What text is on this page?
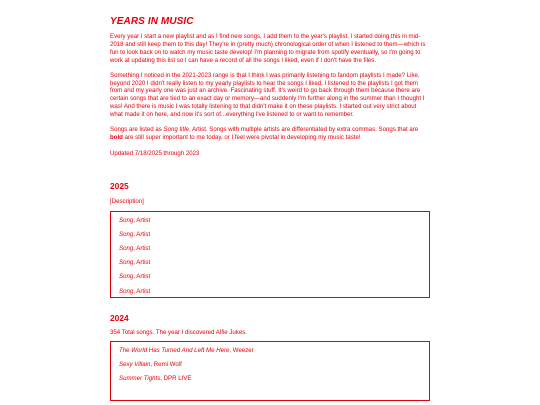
YEARS IN MUSIC

Every year I start a new playlist and as I find new songs, I add them to the year's playlist. I started doing this in mid-2018 and still keep them to this day! They're in (pretty much) chronological order of when I listened to them—which is fun to look back on to watch my music taste develop! I'm planning to migrate from spotify eventually, so I'm going to work at updating this list so I can have a record of all the songs I liked, even if I don't have the files.

Something I noticed in the 2021-2023 range is that I think I was primarily listening to fandom playlists I made? Like, beyond 2020 I didn't really listen to my yearly playlists to hear the songs I liked. I listened to the playlists I got them from and my yearly one was just an archive. Fascinating stuff. It's weird to go back through them because there are certain songs that are tied to an exact day or memory—and suddenly I'm further along in the summer than I thought I was! And there is music I was totally listening to that didn't make it on these playlists. I started out very strict about what made it on here, and now it's sort of...everything I've listened to or want to remember.

Songs are listed as Song title, Artist. Songs with multiple artists are differentiated by extra commas. Songs that are bold are still super important to me today, or I feel were pivotal in developing my music taste!

Updated 7/18/2025 through 2023

2025

[Description]

Song, Artist
Song, Artist
Song, Artist
Song, Artist
Song, Artist
Song, Artist
2024

354 Total songs. The year I discovered Alfie Jukes.

The World Has Turned And Left Me Here, Weezer
Sexy Villain, Remi Wolf
Summer Tights, DPR LIVE
